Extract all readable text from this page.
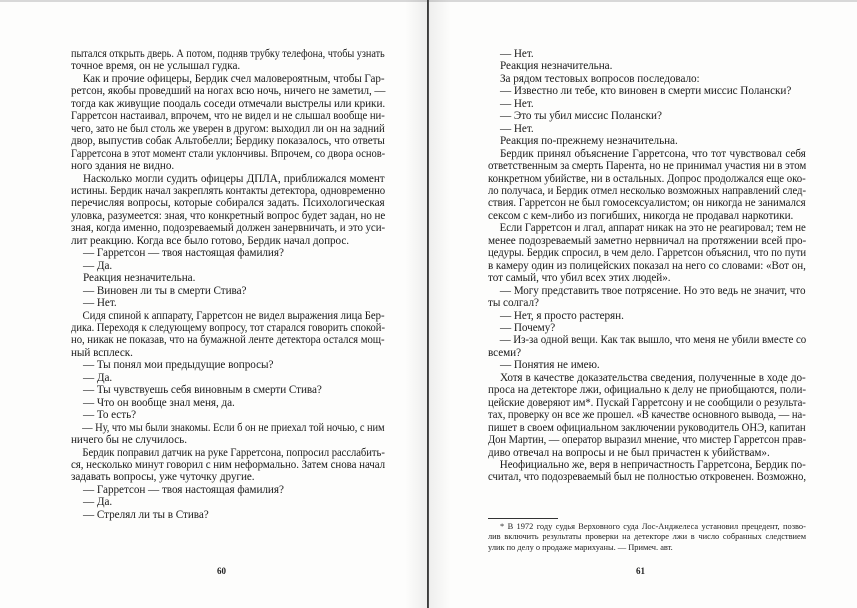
пытался открыть дверь. А потом, подняв трубку телефона, чтобы узнать
точное время, он не услышал гудка.
Как и прочие офицеры, Бердик счел маловероятным, чтобы Гар-
ретсон, якобы проведший на ногах всю ночь, ничего не заметил, —
тогда как живущие поодаль соседи отмечали выстрелы или крики.
Гарретсон настаивал, впрочем, что не видел и не слышал вообще ни-
чего, зато не был столь же уверен в другом: выходил ли он на задний
двор, выпустив собак Альтобелли; Бердику показалось, что ответы
Гарретсона в этот момент стали уклончивы. Впрочем, со двора основ-
ного здания не видно.
Насколько могли судить офицеры ДПЛА, приближался момент
истины. Бердик начал закреплять контакты детектора, одновременно
перечисляя вопросы, которые собирался задать. Психологическая
уловка, разумеется: зная, что конкретный вопрос будет задан, но не
зная, когда именно, подозреваемый должен занервничать, и это уси-
лит реакцию. Когда все было готово, Бердик начал допрос.
— Гарретсон — твоя настоящая фамилия?
— Да.
Реакция незначительна.
— Виновен ли ты в смерти Стива?
— Нет.
Сидя спиной к аппарату, Гарретсон не видел выражения лица Бер-
дика. Переходя к следующему вопросу, тот старался говорить спокой-
но, никак не показав, что на бумажной ленте детектора остался мощ-
ный всплеск.
— Ты понял мои предыдущие вопросы?
— Да.
— Ты чувствуешь себя виновным в смерти Стива?
— Что он вообще знал меня, да.
— То есть?
— Ну, что мы были знакомы. Если б он не приехал той ночью, с ним
ничего бы не случилось.
Бердик поправил датчик на руке Гарретсона, попросил расслабить-
ся, несколько минут говорил с ним неформально. Затем снова начал
задавать вопросы, уже чуточку другие.
— Гарретсон — твоя настоящая фамилия?
— Да.
— Стрелял ли ты в Стива?
60
— Нет.
Реакция незначительна.
За рядом тестовых вопросов последовало:
— Известно ли тебе, кто виновен в смерти миссис Полански?
— Нет.
— Это ты убил миссис Полански?
— Нет.
Реакция по-прежнему незначительна.
Бердик принял объяснение Гарретсона, что тот чувствовал себя
ответственным за смерть Парента, но не принимал участия ни в этом
конкретном убийстве, ни в остальных. Допрос продолжался еще око-
ло получаса, и Бердик отмел несколько возможных направлений след-
ствия. Гарретсон не был гомосексуалистом; он никогда не занимался
сексом с кем-либо из погибших, никогда не продавал наркотики.
Если Гарретсон и лгал, аппарат никак на это не реагировал; тем не
менее подозреваемый заметно нервничал на протяжении всей про-
цедуры. Бердик спросил, в чем дело. Гарретсон объяснил, что по пути
в камеру один из полицейских показал на него со словами: «Вот он,
тот самый, что убил всех этих людей».
— Могу представить твое потрясение. Но это ведь не значит, что
ты солгал?
— Нет, я просто растерян.
— Почему?
— Из-за одной вещи. Как так вышло, что меня не убили вместе со
всеми?
— Понятия не имею.
Хотя в качестве доказательства сведения, полученные в ходе до-
проса на детекторе лжи, официально к делу не приобщаются, поли-
цейские доверяют им*. Пускай Гарретсону и не сообщили о результа-
тах, проверку он все же прошел. «В качестве основного вывода, — на-
пишет в своем официальном заключении руководитель ОНЭ, капитан
Дон Мартин, — оператор выразил мнение, что мистер Гарретсон прав-
диво отвечал на вопросы и не был причастен к убийствам».
Неофициально же, веря в непричастность Гарретсона, Бердик по-
считал, что подозреваемый был не полностью откровенен. Возможно,
* В 1972 году судья Верховного суда Лос-Анджелеса установил прецедент, позво-
лив включить результаты проверки на детекторе лжи в число собранных следствием
улик по делу о продаже марихуаны. — Примеч. авт.
61
